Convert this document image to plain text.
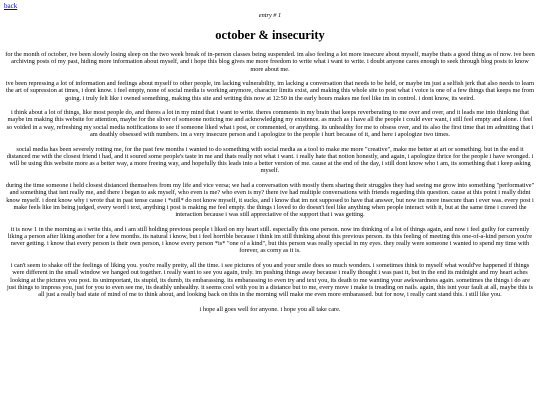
back

entry # 1

october & insecurity

for the month of october, ive been slowly losing sleep on the two week break of in-person classes being suspended. im also feeling a lot more insecure about myself, maybe thats a good thing as of now. ive been archiving posts of my past, hiding more information about myself, and i hope this blog gives me more freedom to write what i want to write. i doubt anyone cares enough to seek through blog posts to know more about me.

ive been repressing a lot of information and feelings about myself to other people, im lacking vulnerability, im lacking a conversation that needs to be held, or maybe im just a selfish jerk that also needs to learn the art of supression at times, i dont know. i feel empty, none of social media is working anymore, character limits exist, and making this whole site to post what i voice is one of a few things that keeps me from going. i truly felt like i owned something, making this site and writing this now at 12:50 in the early hours makes me feel like im in control. i dont know, its weird.

i think about a lot of things, like most people do, and theres a lot in my mind that i want to write. theres comments in my brain that keeps reverberating to me over and over, and it leads me into thinking that maybe im making this website for attention, maybe for the sliver of someone noticing me and acknowledging my existence. as much as i have all the people i could ever want, i still feel empty and alone. i feel so voided in a way, refreshing my social media notifications to see if someone liked what i post, or commented, or anything. its unhealthy for me to obsess over, and its also the first time that im admitting that i am deathly obsessed with numbers. im a very insecure person and i apologize to the people i hurt because of it, and here i apologize two times.

social media has been severely rotting me, for the past few months i wanted to do something with social media as a tool to make me more "creative", make me better at art or something. but in the end it distanced me with the closest friend i had, and it soured some people's taste in me and thats really not what i want. i really hate that notion honestly, and again, i apologize thrice for the people i have wronged. i will be using this website more as a better way, a more freeing way, and hopefully this leads into a better version of me. cause at the end of the day, i still dont know who i am, its something that i keep asking myself.

during the time someone i held closest distanced themselves from my life and vice versa; we had a conversation with mostly them sharing their struggles they had seeing me grow into something "performative" and something that isnt really me, and there i began to ask myself, who even is me? who even is my? there ive had multiple conversations with friends regarding this question. cause at this point i really didnt know myself. i dont know why i wrote that in past tense cause i *still* do not know myself, it sucks, and i know that im not supposed to have that answer, but now im more insecure than i ever was. every post i make feels like im being judged, every word i text, anything i post is making me feel empty. the things i loved to do doesn't feel like anything when people interact with it, but at the same time i craved the interaction because i was still appreciative of the support that i was getting.

it is now 1 in the morning as i write this, and i am still holding previous people i liked on my heart still. especially this one person. now im thinking of a lot of things again, and now i feel guilty for currently liking a person after liking another for a few months. its natural i know, but i feel horrible because i think im still thinking about this previous person. its this feeling of meeting this one-of-a-kind person you're never getting. i know that every person is their own person, i know every person *is* "one of a kind", but this person was really special in my eyes. they really were someone i wanted to spend my time with forever, as corny as it is.

i can't seem to shake off the feelings of liking you. you're really pretty, all the time. i see pictures of you and your smile does so much wonders. i sometimes think to myself what would've happened if things were different in the small window we hanged out together. i really want to see you again, truly. im pushing things away because i really thought i was past it, but in the end its midnight and my heart aches looking at the pictures you post. its unimportant, its stupid, its dumb, its embarassing. its embarassing to even try and text you, its death to me wanting your awkwardness again. sometimes the things i do are just things to impress you, just for you to even see me, its deathly unhealthy. it seems cool with you in a distance but to me, every move i make is treading on nails. again, this isnt your fault at all, maybe this is all just a really bad state of mind of me to think about, and looking back on this in the morning will make me even more embarassed. but for now, i really cant stand this. i still like you.

i hope all goes well for anyone. i hope you all take care.
